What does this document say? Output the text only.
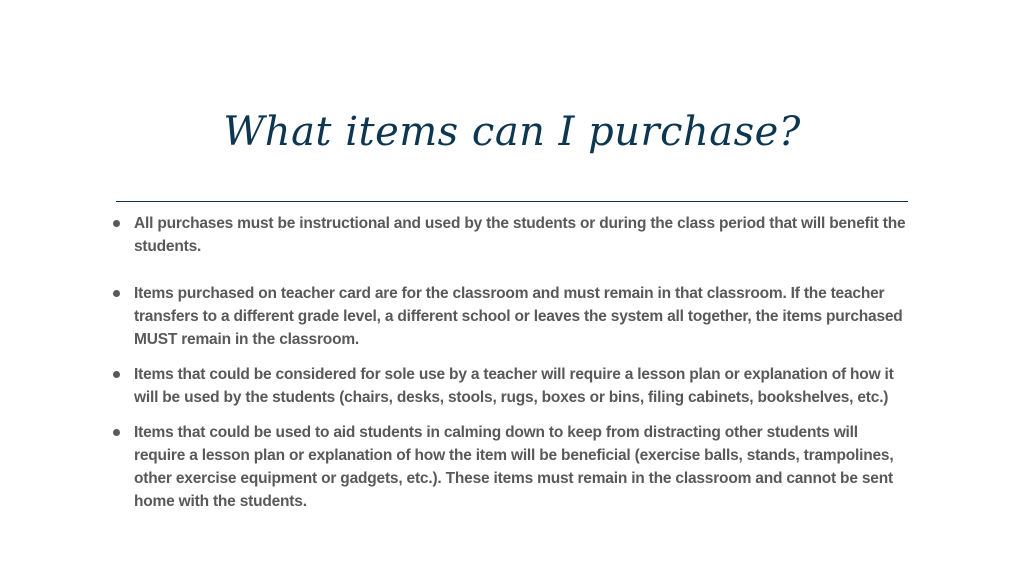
What items can I purchase?
All purchases must be instructional and used by the students or during the class period that will benefit the students.
Items purchased on teacher card are for the classroom and must remain in that classroom. If the teacher transfers to a different grade level, a different school or leaves the system all together, the items purchased MUST remain in the classroom.
Items that could be considered for sole use by a teacher will require a lesson plan or explanation of how it will be used by the students (chairs, desks, stools, rugs, boxes or bins, filing cabinets, bookshelves, etc.)
Items that could be used to aid students in calming down to keep from distracting other students will require a lesson plan or explanation of how the item will be beneficial (exercise balls, stands, trampolines, other exercise equipment or gadgets, etc.). These items must remain in the classroom and cannot be sent home with the students.
